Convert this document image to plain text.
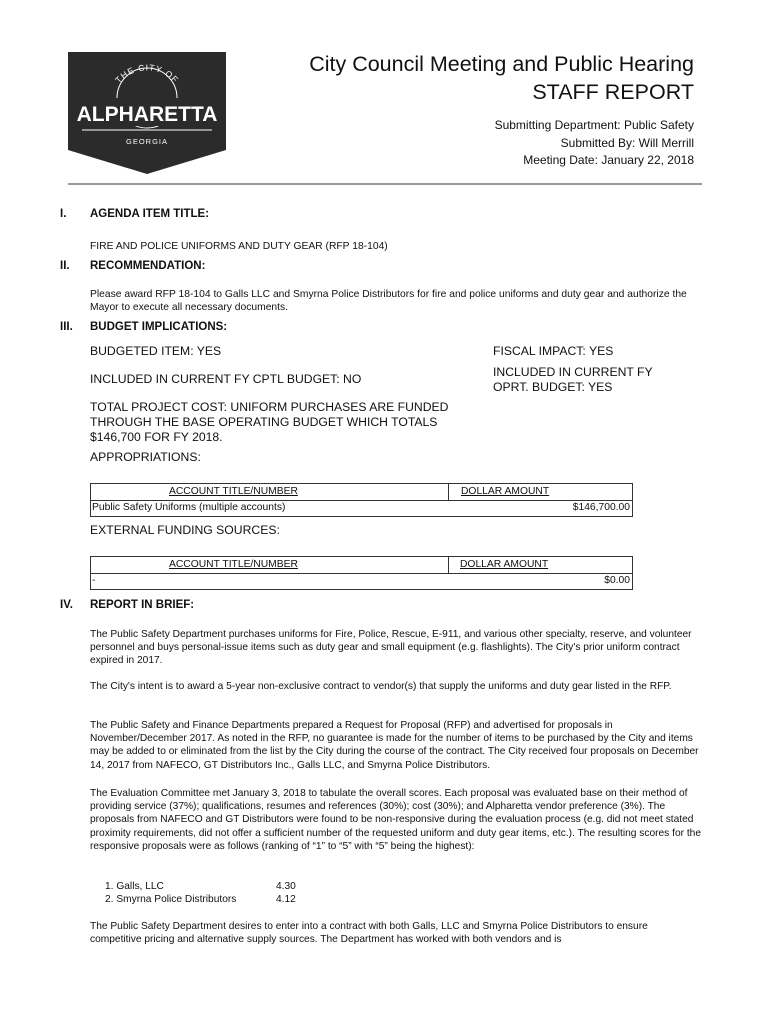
THE CITY OF
ALPHARETTA
GEORGIA
City Council Meeting and Public Hearing
STAFF REPORT
Submitting Department: Public Safety
Submitted By: Will Merrill
Meeting Date: January 22, 2018
I. AGENDA ITEM TITLE:
FIRE AND POLICE UNIFORMS AND DUTY GEAR (RFP 18-104)
II. RECOMMENDATION:
Please award RFP 18-104 to Galls LLC and Smyrna Police Distributors for fire and police uniforms and duty gear and authorize the Mayor to execute all necessary documents.
III. BUDGET IMPLICATIONS:
BUDGETED ITEM: YES	FISCAL IMPACT: YES
INCLUDED IN CURRENT FY CPTL BUDGET: NO	INCLUDED IN CURRENT FY
OPRT. BUDGET: YES
TOTAL PROJECT COST: UNIFORM PURCHASES ARE FUNDED
THROUGH THE BASE OPERATING BUDGET WHICH TOTALS
$146,700 FOR FY 2018.
APPROPRIATIONS:
ACCOUNT TITLE/NUMBER	DOLLAR AMOUNT
Public Safety Uniforms (multiple accounts)	$146,700.00
EXTERNAL FUNDING SOURCES:
ACCOUNT TITLE/NUMBER	DOLLAR AMOUNT
-	$0.00
IV. REPORT IN BRIEF:
The Public Safety Department purchases uniforms for Fire, Police, Rescue, E-911, and various other specialty, reserve, and volunteer personnel and buys personal-issue items such as duty gear and small equipment (e.g. flashlights). The City's prior uniform contract expired in 2017.
The City's intent is to award a 5-year non-exclusive contract to vendor(s) that supply the uniforms and duty gear listed in the RFP.
The Public Safety and Finance Departments prepared a Request for Proposal (RFP) and advertised for proposals in November/December 2017. As noted in the RFP, no guarantee is made for the number of items to be purchased by the City and items may be added to or eliminated from the list by the City during the course of the contract. The City received four proposals on December 14, 2017 from NAFECO, GT Distributors Inc., Galls LLC, and Smyrna Police Distributors.
The Evaluation Committee met January 3, 2018 to tabulate the overall scores. Each proposal was evaluated base on their method of providing service (37%); qualifications, resumes and references (30%); cost (30%); and Alpharetta vendor preference (3%). The proposals from NAFECO and GT Distributors were found to be non-responsive during the evaluation process (e.g. did not meet stated proximity requirements, did not offer a sufficient number of the requested uniform and duty gear items, etc.). The resulting scores for the responsive proposals were as follows (ranking of “1” to “5” with “5” being the highest):
1. Galls, LLC	4.30
2. Smyrna Police Distributors	4.12
The Public Safety Department desires to enter into a contract with both Galls, LLC and Smyrna Police Distributors to ensure competitive pricing and alternative supply sources. The Department has worked with both vendors and is
